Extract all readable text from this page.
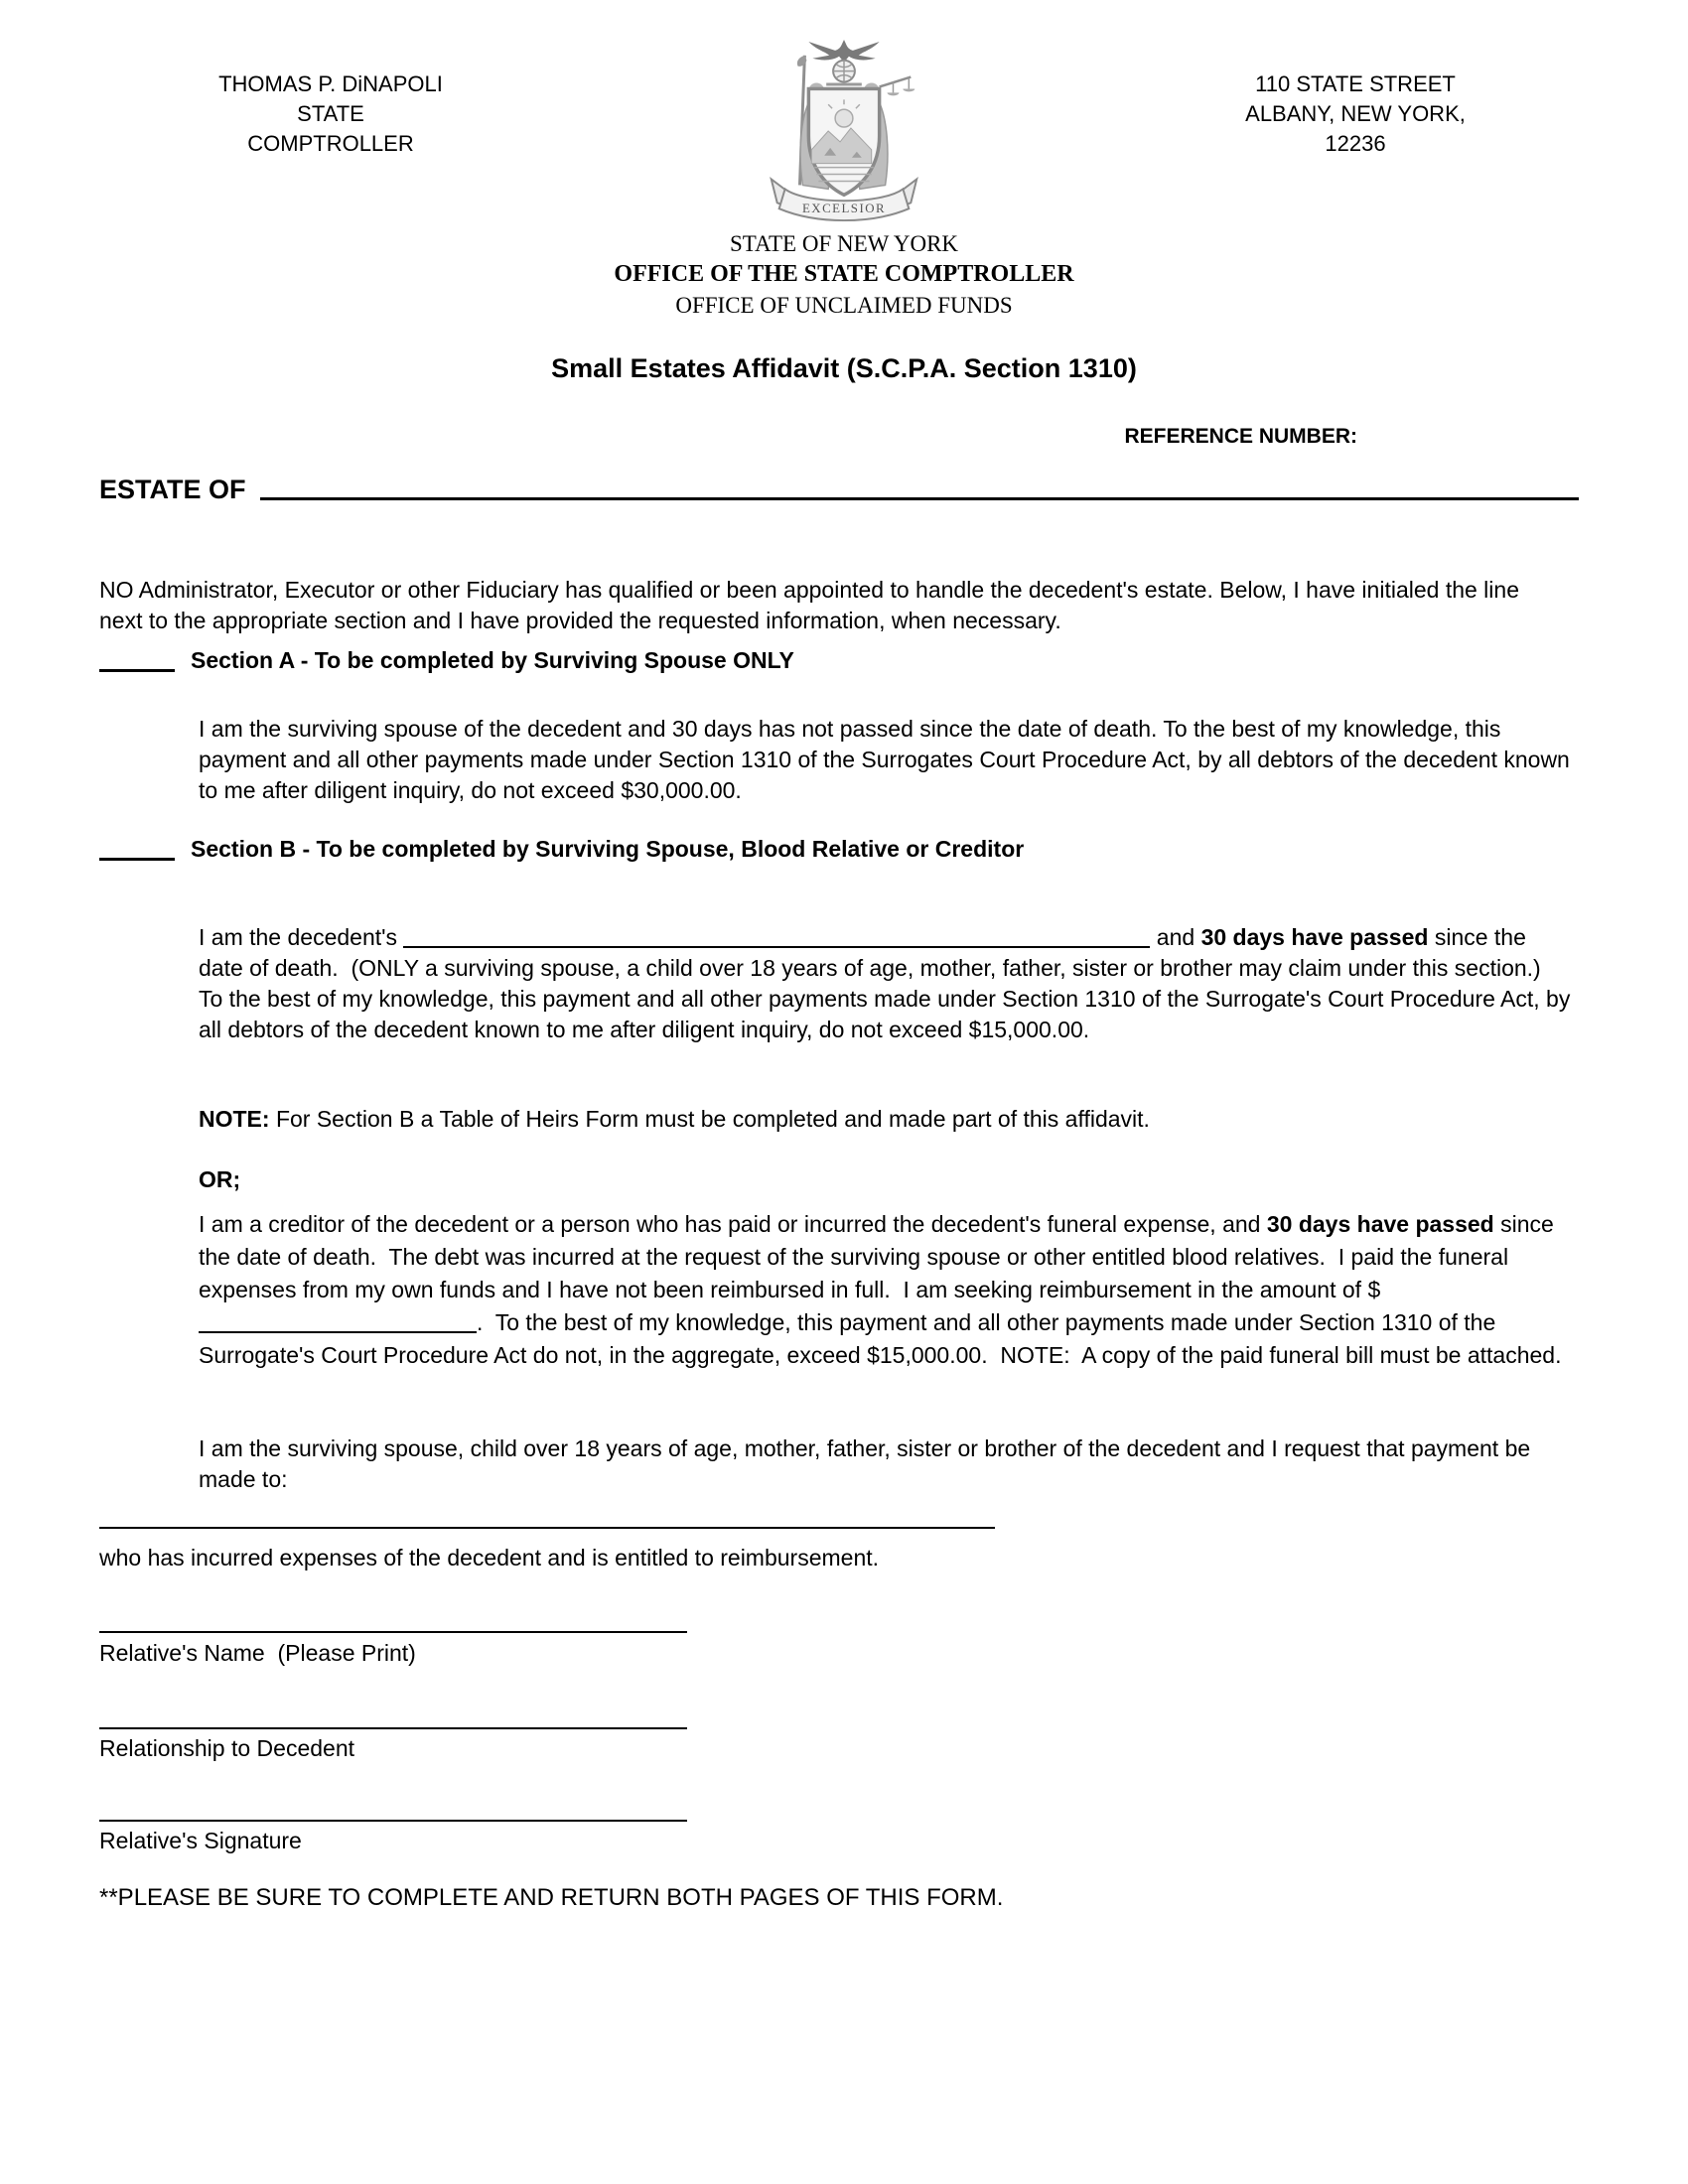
THOMAS P. DiNAPOLI
STATE COMPTROLLER
EXCELSIOR
110 STATE STREET
ALBANY, NEW YORK, 12236
STATE OF NEW YORK
OFFICE OF THE STATE COMPTROLLER
OFFICE OF UNCLAIMED FUNDS
Small Estates Affidavit (S.C.P.A. Section 1310)
REFERENCE NUMBER:
ESTATE OF

NO Administrator, Executor or other Fiduciary has qualified or been appointed to handle the decedent's estate. Below, I have initialed the line next to the appropriate section and I have provided the requested information, when necessary.

Section A - To be completed by Surviving Spouse ONLY

I am the surviving spouse of the decedent and 30 days has not passed since the date of death. To the best of my knowledge, this payment and all other payments made under Section 1310 of the Surrogates Court Procedure Act, by all debtors of the decedent known to me after diligent inquiry, do not exceed $30,000.00.

Section B - To be completed by Surviving Spouse, Blood Relative or Creditor

I am the decedent's	and 30 days have passed since the date of death.  (ONLY a surviving spouse, a child over 18 years of age, mother, father, sister or brother may claim under this section.)  To the best of my knowledge, this payment and all other payments made under Section 1310 of the Surrogate's Court Procedure Act, by all debtors of the decedent known to me after diligent inquiry, do not exceed $15,000.00.

NOTE: For Section B a Table of Heirs Form must be completed and made part of this affidavit.

OR;

I am a creditor of the decedent or a person who has paid or incurred the decedent's funeral expense, and 30 days have passed since the date of death.  The debt was incurred at the request of the surviving spouse or other entitled blood relatives.  I paid the funeral expenses from my own funds and I have not been reimbursed in full.  I am seeking reimbursement in the amount of $.  To the best of my knowledge, this payment and all other payments made under Section 1310 of the Surrogate's Court Procedure Act do not, in the aggregate, exceed $15,000.00.  NOTE:  A copy of the paid funeral bill must be attached.

I am the surviving spouse, child over 18 years of age, mother, father, sister or brother of the decedent and I request that payment be made to:

who has incurred expenses of the decedent and is entitled to reimbursement.
Relative's Name  (Please Print)
Relationship to Decedent
Relative's Signature
**PLEASE BE SURE TO COMPLETE AND RETURN BOTH PAGES OF THIS FORM.
